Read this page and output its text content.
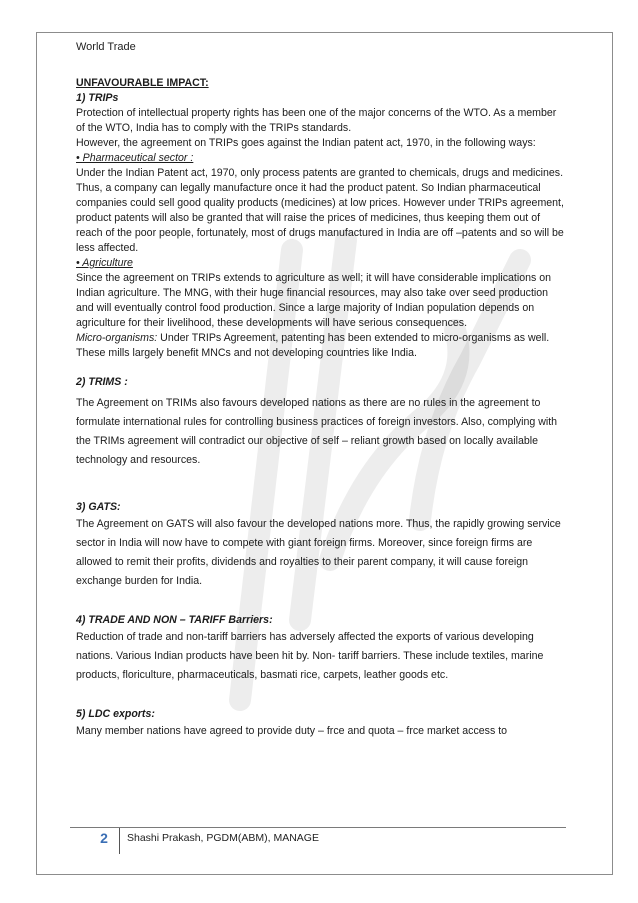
World Trade

UNFAVOURABLE IMPACT:

1) TRIPs

Protection of intellectual property rights has been one of the major concerns of the WTO. As a member of the WTO, India has to comply with the TRIPs standards.

However, the agreement on TRIPs goes against the Indian patent act, 1970, in the following ways:

• Pharmaceutical sector :

Under the Indian Patent act, 1970, only process patents are granted to chemicals, drugs and medicines. Thus, a company can legally manufacture once it had the product patent. So Indian pharmaceutical companies could sell good quality products (medicines) at low prices. However under TRIPs agreement, product patents will also be granted that will raise the prices of medicines, thus keeping them out of reach of the poor people, fortunately, most of drugs manufactured in India are off –patents and so will be less affected.

• Agriculture

Since the agreement on TRIPs extends to agriculture as well; it will have considerable implications on Indian agriculture. The MNG, with their huge financial resources, may also take over seed production and will eventually control food production. Since a large majority of Indian population depends on agriculture for their livelihood, these developments will have serious consequences.

Micro-organisms: Under TRIPs Agreement, patenting has been extended to micro-organisms as well. These mills largely benefit MNCs and not developing countries like India.

2) TRIMS :

The Agreement on TRIMs also favours developed nations as there are no rules in the agreement to formulate international rules for controlling business practices of foreign investors. Also, complying with the TRIMs agreement will contradict our objective of self – reliant growth based on locally available technology and resources.

3) GATS:

The Agreement on GATS will also favour the developed nations more. Thus, the rapidly growing service sector in India will now have to compete with giant foreign firms. Moreover, since foreign firms are allowed to remit their profits, dividends and royalties to their parent company, it will cause foreign exchange burden for India.

4) TRADE AND NON – TARIFF Barriers:

Reduction of trade and non-tariff barriers has adversely affected the exports of various developing nations. Various Indian products have been hit by. Non- tariff barriers. These include textiles, marine products, floriculture, pharmaceuticals, basmati rice, carpets, leather goods etc.

5) LDC exports:

Many member nations have agreed to provide duty – frce and quota – frce market access to

2	Shashi Prakash, PGDM(ABM), MANAGE
